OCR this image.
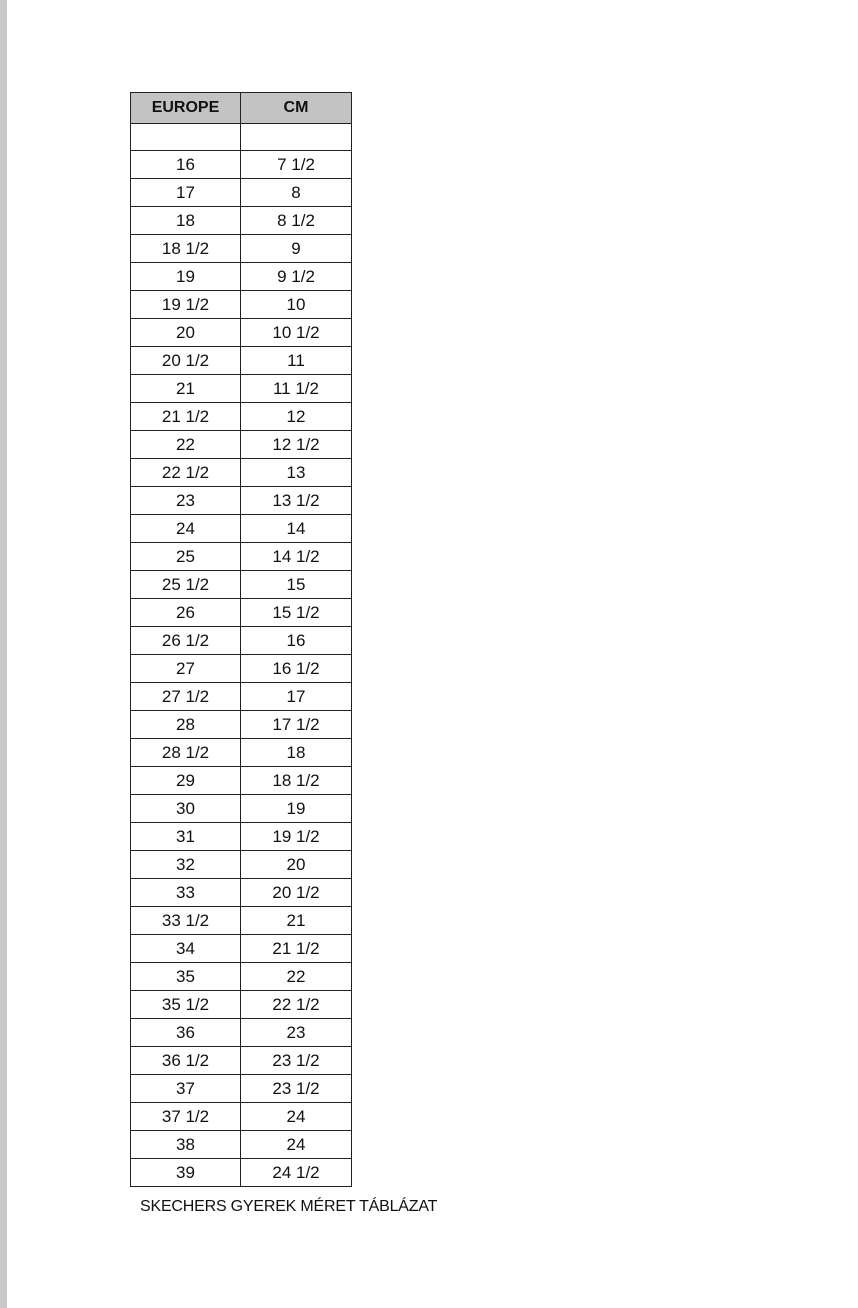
EUROPE	CM

16	7 1/2
17	8
18	8 1/2
18 1/2	9
19	9 1/2
19 1/2	10
20	10 1/2
20 1/2	11
21	11 1/2
21 1/2	12
22	12 1/2
22 1/2	13
23	13 1/2
24	14
25	14 1/2
25 1/2	15
26	15 1/2
26 1/2	16
27	16 1/2
27 1/2	17
28	17 1/2
28 1/2	18
29	18 1/2
30	19
31	19 1/2
32	20
33	20 1/2
33 1/2	21
34	21 1/2
35	22
35 1/2	22 1/2
36	23
36 1/2	23 1/2
37	23 1/2
37 1/2	24
38	24
39	24 1/2
SKECHERS GYEREK MÉRET TÁBLÁZAT
